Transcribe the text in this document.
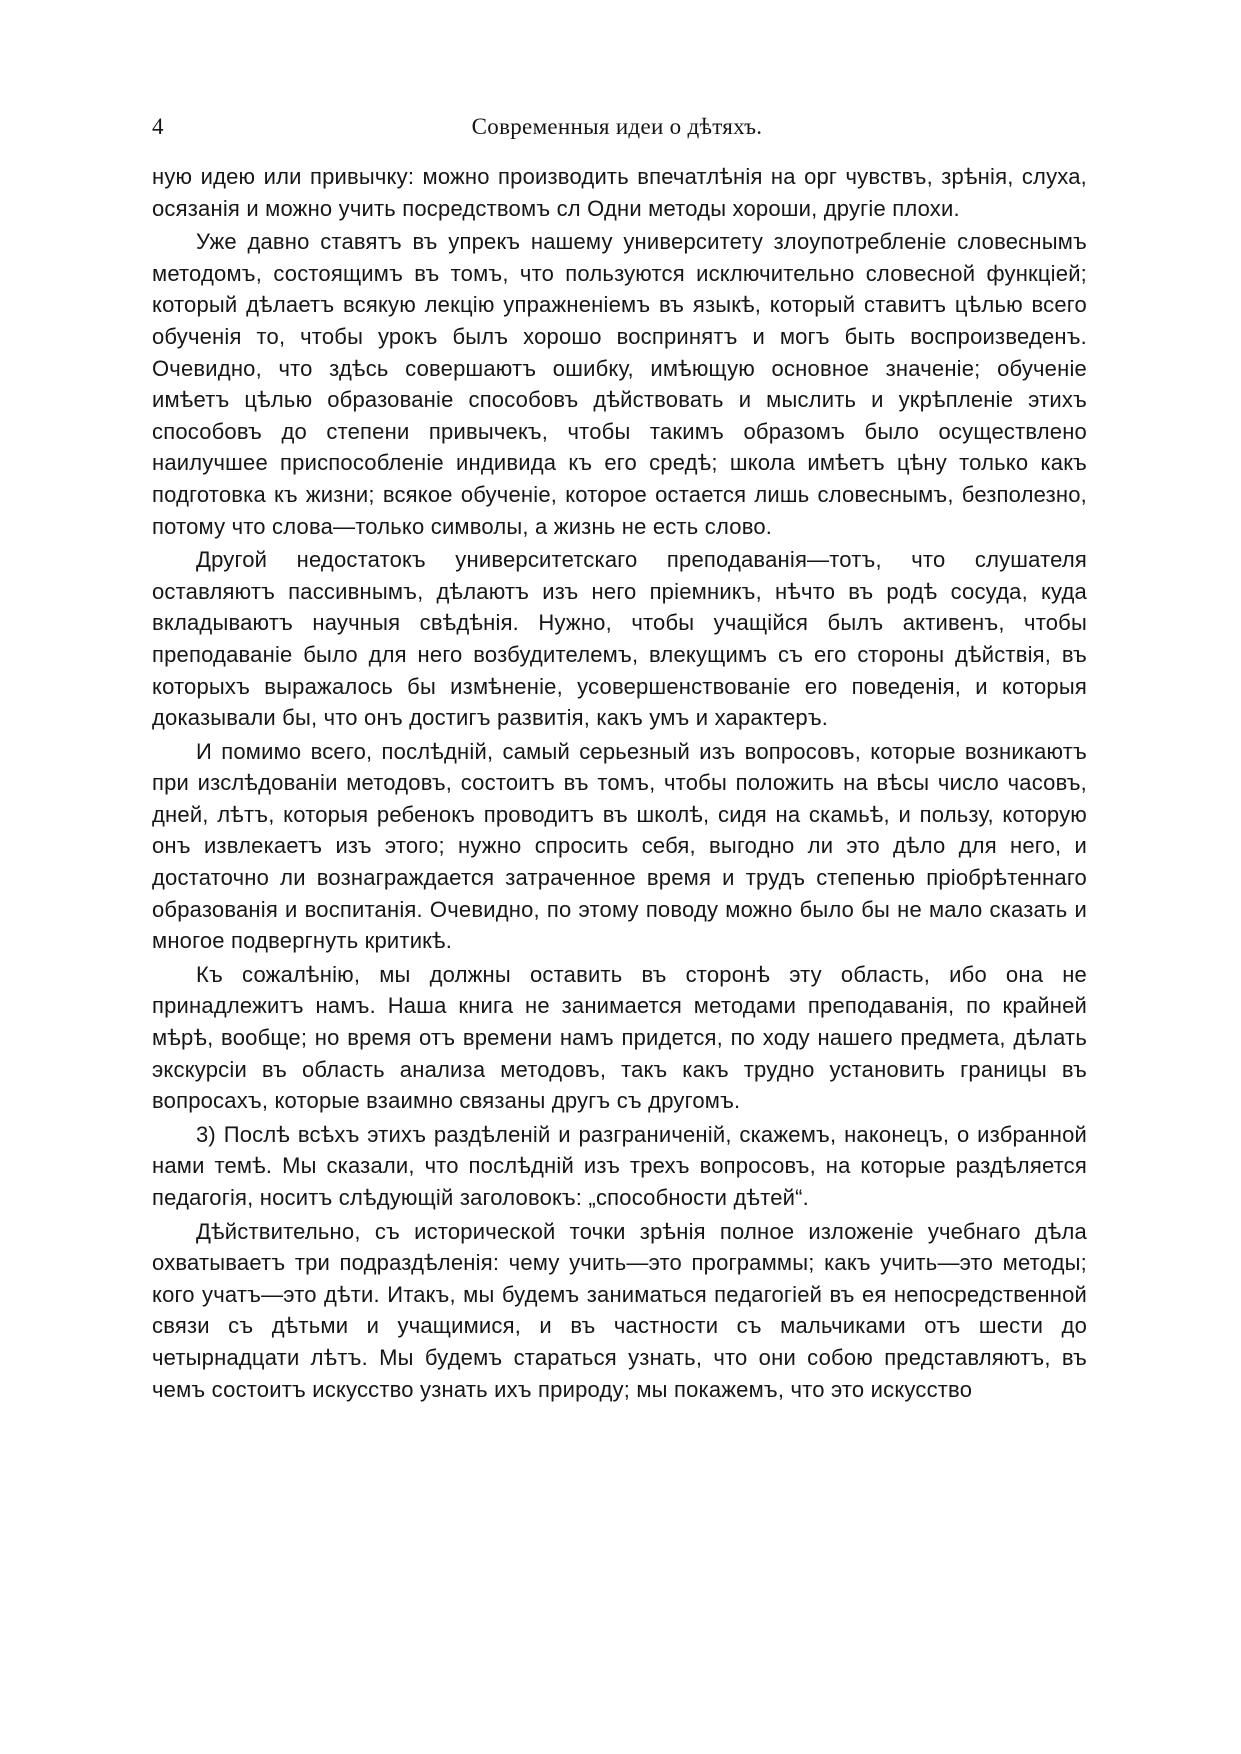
4	Современныя идеи о дѣтяхъ.

ную идею или привычку: можно производить впечатлѣнія на орг чувствъ, зрѣнія, слуха, осязанія и можно учить посредствомъ сл Одни методы хороши, другіе плохи.

Уже давно ставятъ въ упрекъ нашему университету злоупотребленіе словеснымъ методомъ, состоящимъ въ томъ, что пользуются исключительно словесной функціей; который дѣлаетъ всякую лекцію упражненіемъ въ языкѣ, который ставитъ цѣлью всего обученія то, чтобы урокъ былъ хорошо воспринятъ и могъ быть воспроизведенъ. Очевидно, что здѣсь совершаютъ ошибку, имѣющую основное значеніе; обученіе имѣетъ цѣлью образованіе способовъ дѣйствовать и мыслить и укрѣпленіе этихъ способовъ до степени привычекъ, чтобы такимъ образомъ было осуществлено наилучшее приспособленіе индивида къ его средѣ; школа имѣетъ цѣну только какъ подготовка къ жизни; всякое обученіе, которое остается лишь словеснымъ, безполезно, потому что слова—только символы, а жизнь не есть слово.

Другой недостатокъ университетскаго преподаванія—тотъ, что слушателя оставляютъ пассивнымъ, дѣлаютъ изъ него пріемникъ, нѣчто въ родѣ сосуда, куда вкладываютъ научныя свѣдѣнія. Нужно, чтобы учащійся былъ активенъ, чтобы преподаваніе было для него возбудителемъ, влекущимъ съ его стороны дѣйствія, въ которыхъ выражалось бы измѣненіе, усовершенствованіе его поведенія, и которыя доказывали бы, что онъ достигъ развитія, какъ умъ и характеръ.

И помимо всего, послѣдній, самый серьезный изъ вопросовъ, которые возникаютъ при изслѣдованіи методовъ, состоитъ въ томъ, чтобы положить на вѣсы число часовъ, дней, лѣтъ, которыя ребенокъ проводитъ въ школѣ, сидя на скамьѣ, и пользу, которую онъ извлекаетъ изъ этого; нужно спросить себя, выгодно ли это дѣло для него, и достаточно ли вознаграждается затраченное время и трудъ степенью пріобрѣтеннаго образованія и воспитанія. Очевидно, по этому поводу можно было бы не мало сказать и многое подвергнуть критикѣ.

Къ сожалѣнію, мы должны оставить въ сторонѣ эту область, ибо она не принадлежитъ намъ. Наша книга не занимается методами преподаванія, по крайней мѣрѣ, вообще; но время отъ времени намъ придется, по ходу нашего предмета, дѣлать экскурсіи въ область анализа методовъ, такъ какъ трудно установить границы въ вопросахъ, которые взаимно связаны другъ съ другомъ.

3) Послѣ всѣхъ этихъ раздѣленій и разграниченій, скажемъ, наконецъ, о избранной нами темѣ. Мы сказали, что послѣдній изъ трехъ вопросовъ, на которые раздѣляется педагогія, носитъ слѣдующій заголовокъ: „способности дѣтей“.

Дѣйствительно, съ исторической точки зрѣнія полное изложеніе учебнаго дѣла охватываетъ три подраздѣленія: чему учить—это программы; какъ учить—это методы; кого учатъ—это дѣти. Итакъ, мы будемъ заниматься педагогіей въ ея непосредственной связи съ дѣтьми и учащимися, и въ частности съ мальчиками отъ шести до четырнадцати лѣтъ. Мы будемъ стараться узнать, что они собою представляютъ, въ чемъ состоитъ искусство узнать ихъ природу; мы покажемъ, что это искусство
